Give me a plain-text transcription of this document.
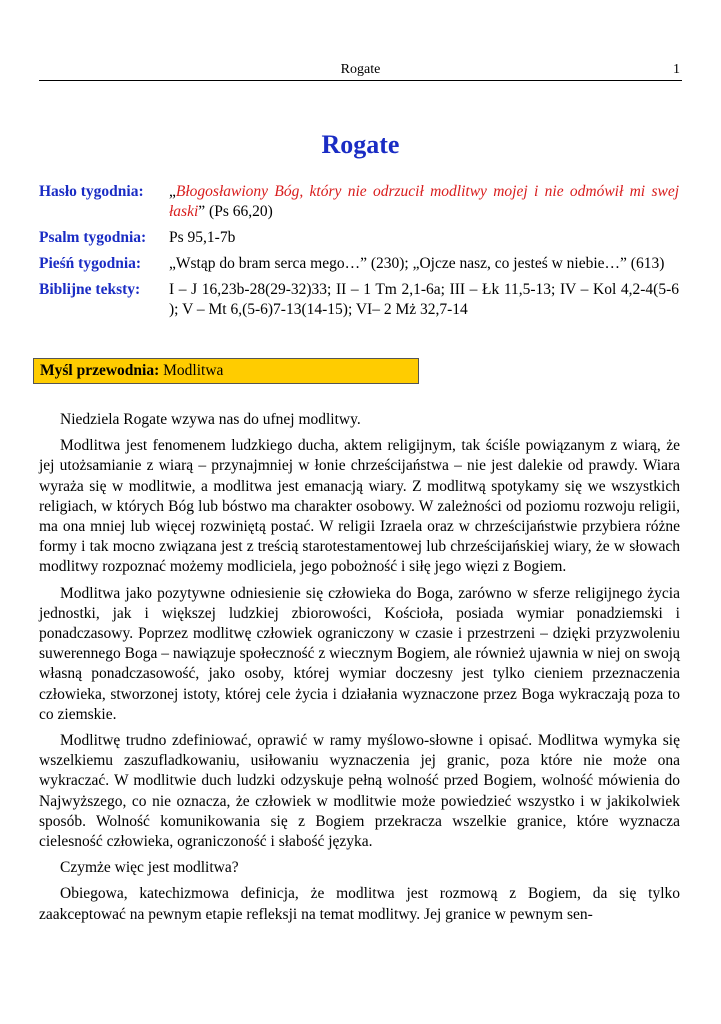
Rogate	1
Rogate
Hasło tygodnia:	„Błogosławiony Bóg, który nie odrzucił modlitwy mojej i nie odmówił mi swej łaski” (Ps 66,20)
Psalm tygodnia:	Ps 95,1-7b
Pieśń tygodnia:	„Wstąp do bram serca mego…” (230); „Ojcze nasz, co jesteś w niebie…” (613)
Biblijne teksty:	I – J 16,23b-28(29-32)33; II – 1 Tm 2,1-6a; III – Łk 11,5-13; IV – Kol 4,2-4(5-6 ); V – Mt 6,(5-6)7-13(14-15); VI– 2 Mż 32,7-14
Myśl przewodnia: Modlitwa

Niedziela Rogate wzywa nas do ufnej modlitwy.

Modlitwa jest fenomenem ludzkiego ducha, aktem religijnym, tak ściśle powiązanym z wiarą, że jej utożsamianie z wiarą – przynajmniej w łonie chrześcijaństwa – nie jest dalekie od prawdy. Wiara wyraża się w modlitwie, a modlitwa jest emanacją wiary. Z modlitwą spotykamy się we wszystkich religiach, w których Bóg lub bóstwo ma charakter osobowy. W zależności od poziomu rozwoju religii, ma ona mniej lub więcej rozwiniętą postać. W religii Izraela oraz w chrześcijaństwie przybiera różne formy i tak mocno związana jest z treścią starotestamentowej lub chrześcijańskiej wiary, że w słowach modlitwy rozpoznać możemy modliciela, jego pobożność i siłę jego więzi z Bogiem.

Modlitwa jako pozytywne odniesienie się człowieka do Boga, zarówno w sferze religijnego życia jednostki, jak i większej ludzkiej zbiorowości, Kościoła, posiada wymiar ponadziemski i ponadczasowy. Poprzez modlitwę człowiek ograniczony w czasie i przestrzeni – dzięki przyzwoleniu suwerennego Boga – nawiązuje społeczność z wiecznym Bogiem, ale również ujawnia w niej on swoją własną ponadczasowość, jako osoby, której wymiar doczesny jest tylko cieniem przeznaczenia człowieka, stworzonej istoty, której cele życia i działania wyznaczone przez Boga wykraczają poza to co ziemskie.

Modlitwę trudno zdefiniować, oprawić w ramy myślowo-słowne i opisać. Modlitwa wymyka się wszelkiemu zaszufladkowaniu, usiłowaniu wyznaczenia jej granic, poza które nie może ona wykraczać. W modlitwie duch ludzki odzyskuje pełną wolność przed Bogiem, wolność mówienia do Najwyższego, co nie oznacza, że człowiek w modlitwie może powiedzieć wszystko i w jakikolwiek sposób. Wolność komunikowania się z Bogiem przekracza wszelkie granice, które wyznacza cielesność człowieka, ograniczoność i słabość języka.

Czymże więc jest modlitwa?

Obiegowa, katechizmowa definicja, że modlitwa jest rozmową z Bogiem, da się tylko zaakceptować na pewnym etapie refleksji na temat modlitwy. Jej granice w pewnym sen-
